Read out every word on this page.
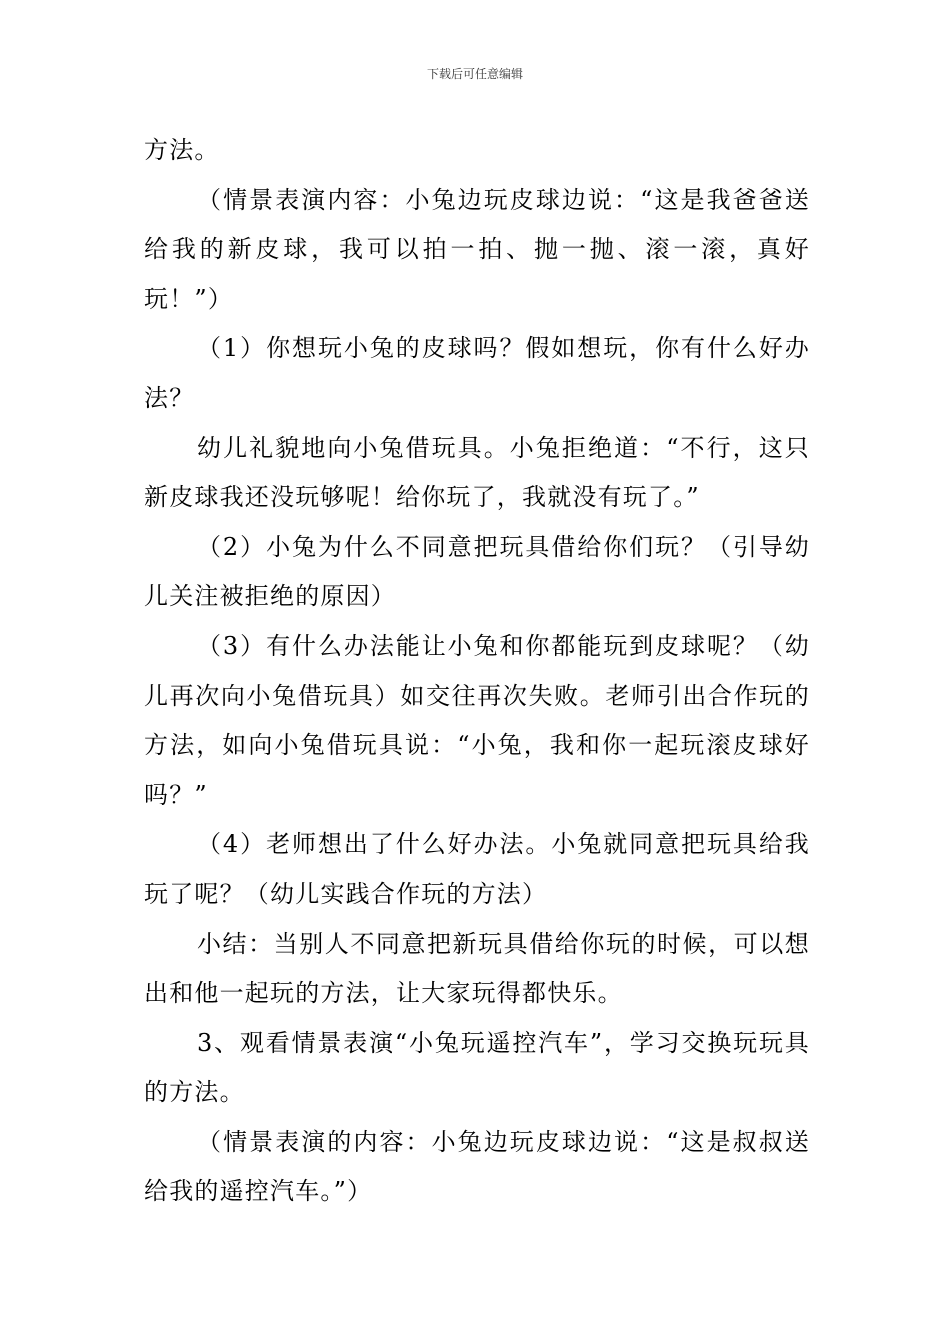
下载后可任意编辑

方法。

（情景表演内容：小兔边玩皮球边说：“这是我爸爸送给我的新皮球，我可以拍一拍、抛一抛、滚一滚，真好玩！”）

（1）你想玩小兔的皮球吗？假如想玩，你有什么好办法？

幼儿礼貌地向小兔借玩具。小兔拒绝道：“不行，这只新皮球我还没玩够呢！给你玩了，我就没有玩了。”

（2）小兔为什么不同意把玩具借给你们玩？（引导幼儿关注被拒绝的原因）

（3）有什么办法能让小兔和你都能玩到皮球呢？（幼儿再次向小兔借玩具）如交往再次失败。老师引出合作玩的方法，如向小兔借玩具说：“小兔，我和你一起玩滚皮球好吗？”

（4）老师想出了什么好办法。小兔就同意把玩具给我玩了呢？（幼儿实践合作玩的方法）

小结：当别人不同意把新玩具借给你玩的时候，可以想出和他一起玩的方法，让大家玩得都快乐。

3、观看情景表演“小兔玩遥控汽车”，学习交换玩玩具的方法。

（情景表演的内容：小兔边玩皮球边说：“这是叔叔送给我的遥控汽车。”）
